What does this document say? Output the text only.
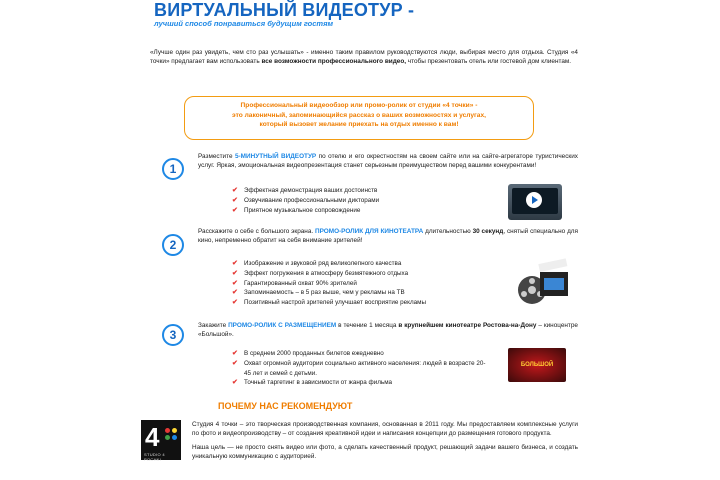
ВИРТУАЛЬНЫЙ ВИДЕОТУР -
лучший способ понравиться будущим гостям
«Лучше один раз увидеть, чем сто раз услышать» - именно таким правилом руководствуются люди, выбирая место для отдыха. Студия «4 точки» предлагает вам использовать все возможности профессионального видео, чтобы презентовать отель или гостевой дом клиентам.
Профессиональный видеообзор или промо-ролик от студии «4 точки» -
это лаконичный, запоминающийся рассказ о ваших возможностях и услугах,
который вызовет желание приехать на отдых именно к вам!
1
Разместите 5-МИНУТНЫЙ ВИДЕОТУР по отелю и его окрестностям на своем сайте или на сайте-агрегаторе туристических услуг. Яркая, эмоциональная видеопрезентация станет серьезным преимуществом перед вашими конкурентами!
✔ Эффектная демонстрация ваших достоинств
✔ Озвучивание профессиональными дикторами
✔ Приятное музыкальное сопровождение
2
Расскажите о себе с большого экрана. ПРОМО-РОЛИК ДЛЯ КИНОТЕАТРА длительностью 30 секунд, снятый специально для кино, непременно обратит на себя внимание зрителей!
✔ Изображение и звуковой ряд великолепного качества
✔ Эффект погружения в атмосферу безмятежного отдыха
✔ Гарантированный охват 90% зрителей
✔ Запоминаемость – в 5 раз выше, чем у рекламы на ТВ
✔ Позитивный настрой зрителей улучшает восприятие рекламы
3
Закажите ПРОМО-РОЛИК С РАЗМЕЩЕНИЕМ в течение 1 месяца в крупнейшем кинотеатре Ростова-на-Дону – киноцентре «Большой».
✔ В среднем 2000 проданных билетов ежедневно
✔ Охват огромной аудитории социально активного населения: людей в возрасте 20-45 лет и семей с детьми.
✔ Точный таргетинг в зависимости от жанра фильма
БОЛЬШОЙ
ПОЧЕМУ НАС РЕКОМЕНДУЮТ
4
STUDIO 4 POCHKI

Студия 4 точки – это творческая производственная компания, основанная в 2011 году. Мы предоставляем комплексные услуги по фото и видеопроизводству – от создания креативной идеи и написания концепции до размещения готового продукта.

Наша цель — не просто снять видео или фото, а сделать качественный продукт, решающий задачи вашего бизнеса, и создать уникальную коммуникацию с аудиторией.
